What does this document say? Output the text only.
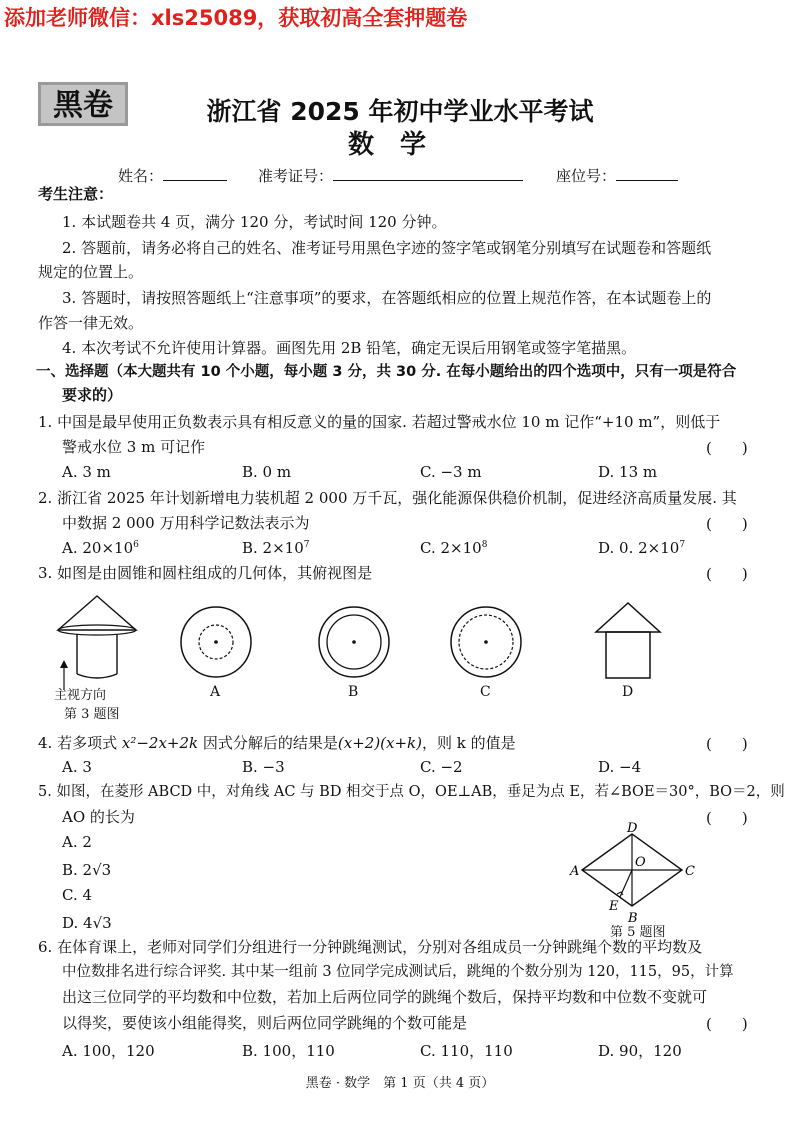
添加老师微信：xls25089，获取初高全套押题卷
黑卷	浙江省 2025 年初中学业水平考试
数学
姓名：	准考证号：	座位号：
考生注意：
1. 本试题卷共 4 页，满分 120 分，考试时间 120 分钟。
2. 答题前，请务必将自己的姓名、准考证号用黑色字迹的签字笔或钢笔分别填写在试题卷和答题纸
规定的位置上。
3. 答题时，请按照答题纸上“注意事项”的要求，在答题纸相应的位置上规范作答，在本试题卷上的
作答一律无效。
4. 本次考试不允许使用计算器。画图先用 2B 铅笔，确定无误后用钢笔或签字笔描黑。
一、选择题（本大题共有 10 个小题，每小题 3 分，共 30 分. 在每小题给出的四个选项中，只有一项是符合
要求的）
1. 中国是最早使用正负数表示具有相反意义的量的国家. 若超过警戒水位 10 m 记作“+10 m”，则低于
警戒水位 3 m 可记作	(　　)
A. 3 m	B. 0 m	C. −3 m	D. 13 m
2. 浙江省 2025 年计划新增电力装机超 2 000 万千瓦，强化能源保供稳价机制，促进经济高质量发展. 其
中数据 2 000 万用科学记数法表示为	(　　)
A. $20\times 10^6$	B. $2\times 10^7$	C. $2\times 10^8$	D. 0. $2\times 10^7$
3. 如图是由圆锥和圆柱组成的几何体，其俯视图是	(　　)
主视方向
第 3 题图
A	B	C	D
4. 若多项式 x²−2x+2k 因式分解后的结果是(x+2)(x+k)，则 k 的值是	(　　)
A. 3	B. −3	C. −2	D. −4
5. 如图，在菱形 ABCD 中，对角线 AC 与 BD 相交于点 O，OE⊥AB，垂足为点 E，若∠BOE＝30°，BO＝2，则
AO 的长为	(　　)
A. 2
B. 2√3
C. 4
D. 4√3
A
B
C
D
O
E
第 5 题图
6. 在体育课上，老师对同学们分组进行一分钟跳绳测试，分别对各组成员一分钟跳绳个数的平均数及
中位数排名进行综合评奖. 其中某一组前 3 位同学完成测试后，跳绳的个数分别为 120，115，95，计算
出这三位同学的平均数和中位数，若加上后两位同学的跳绳个数后，保持平均数和中位数不变就可
以得奖，要使该小组能得奖，则后两位同学跳绳的个数可能是	(　　)
A. 100，120	B. 100，110	C. 110，110	D. 90，120
黑卷 · 数学　第 1 页（共 4 页）
